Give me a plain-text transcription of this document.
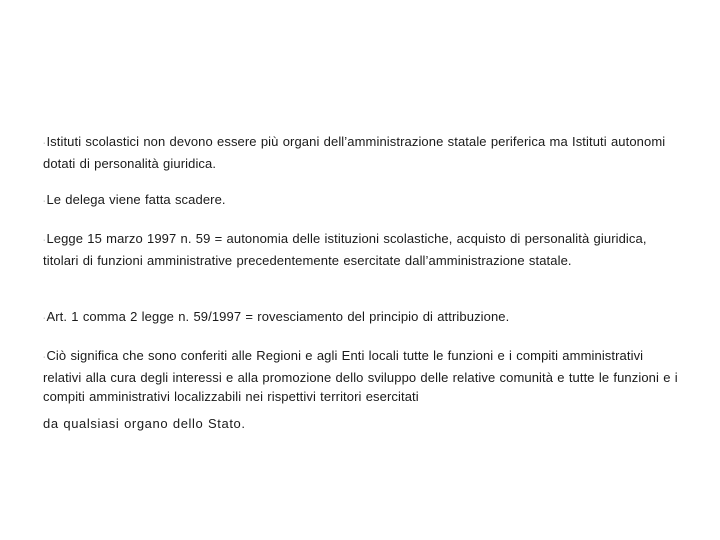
·Istituti scolastici non devono essere più organi dell’amministrazione statale periferica ma Istituti autonomi dotati di personalità giuridica.

·Le delega viene fatta scadere.

·Legge 15 marzo 1997 n. 59 = autonomia delle istituzioni scolastiche, acquisto di personalità giuridica, titolari di funzioni amministrative precedentemente esercitate dall’amministrazione statale.

·Art. 1 comma 2 legge n. 59/1997 = rovesciamento del principio di attribuzione.

·Ciò significa che sono conferiti alle Regioni e agli Enti locali tutte le funzioni e i compiti amministrativi relativi alla cura degli interessi e alla promozione dello sviluppo delle relative comunità e tutte le funzioni e i compiti amministrativi localizzabili nei rispettivi territori esercitati
da qualsiasi organo dello Stato.
